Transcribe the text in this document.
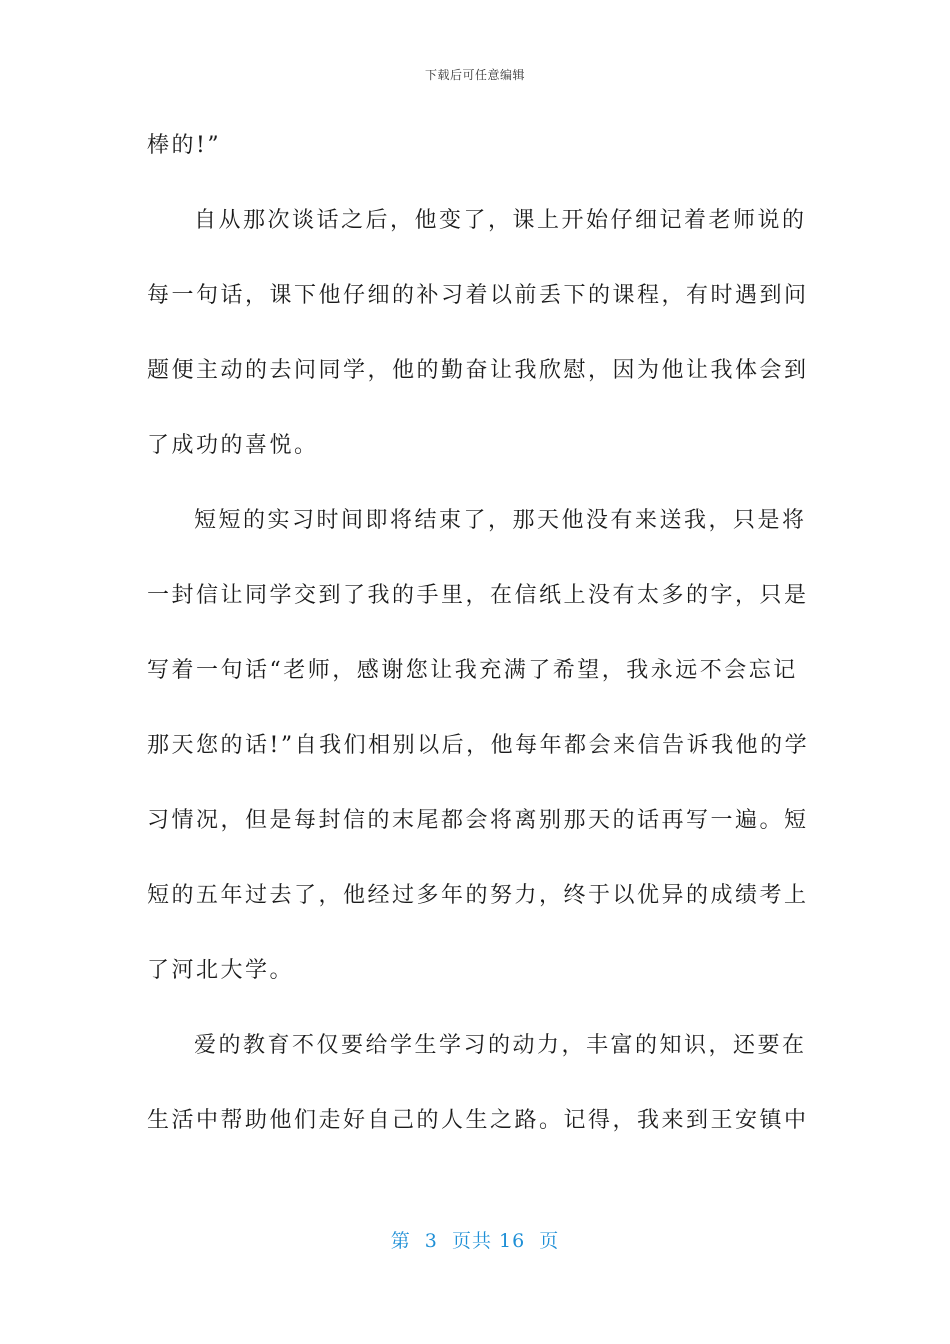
下载后可任意编辑
棒的!”
自从那次谈话之后，他变了，课上开始仔细记着老师说的
每一句话，课下他仔细的补习着以前丢下的课程，有时遇到问
题便主动的去问同学，他的勤奋让我欣慰，因为他让我体会到
了成功的喜悦。
短短的实习时间即将结束了，那天他没有来送我，只是将
一封信让同学交到了我的手里，在信纸上没有太多的字，只是
写着一句话“老师，感谢您让我充满了希望，我永远不会忘记
那天您的话!”自我们相别以后，他每年都会来信告诉我他的学
习情况，但是每封信的末尾都会将离别那天的话再写一遍。短
短的五年过去了，他经过多年的努力，终于以优异的成绩考上
了河北大学。
爱的教育不仅要给学生学习的动力，丰富的知识，还要在
生活中帮助他们走好自己的人生之路。记得，我来到王安镇中
第  3  页共 16  页
